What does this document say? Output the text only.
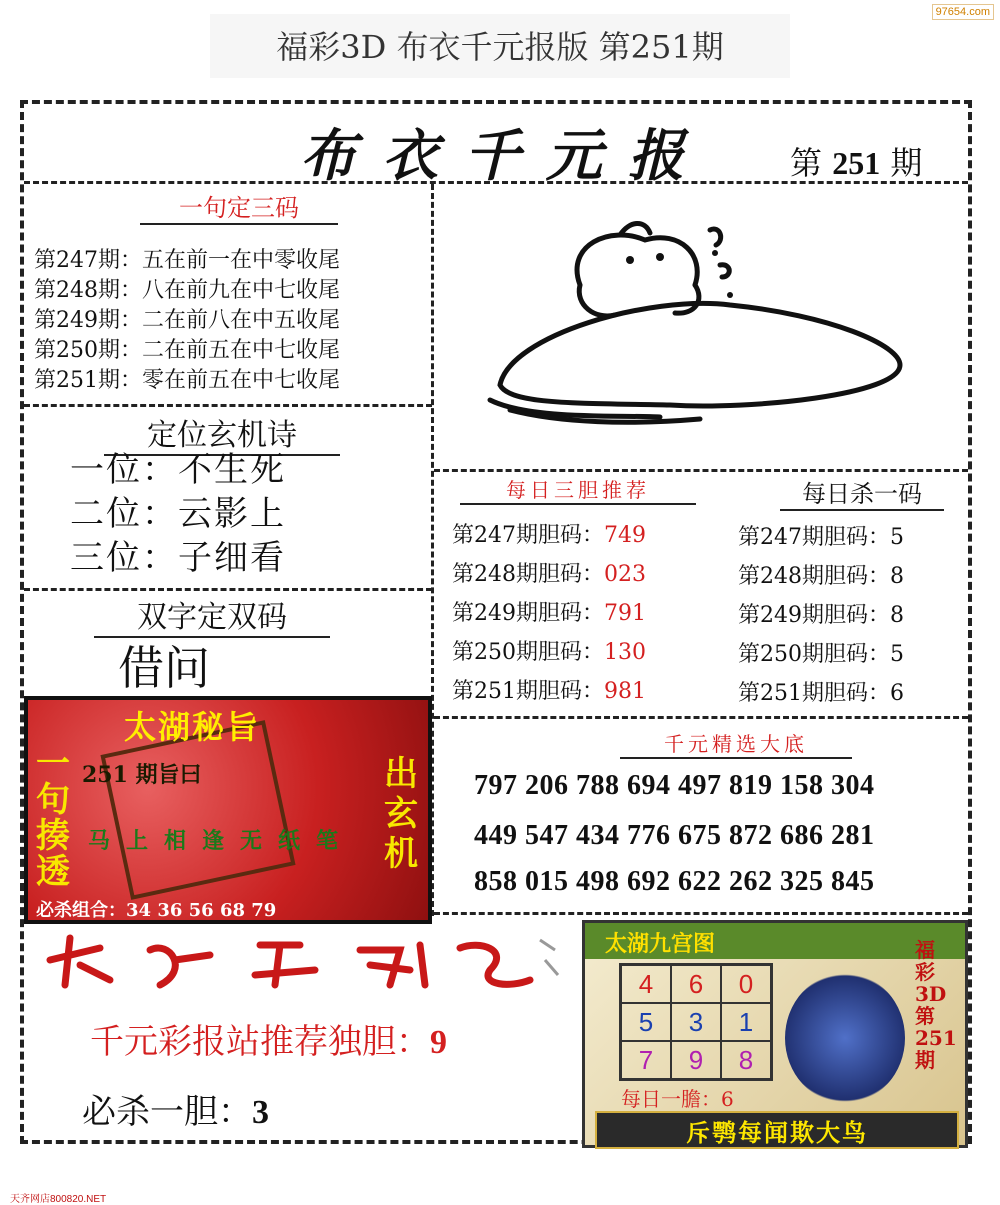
97654.com
福彩3D 布衣千元报版 第251期
布衣千元报	第 251 期
一句定三码
第247期：五在前一在中零收尾
第248期：八在前九在中七收尾
第249期：二在前八在中五收尾
第250期：二在前五在中七收尾
第251期：零在前五在中七收尾
定位玄机诗
一位：不生死
二位：云影上
三位：子细看
双字定双码
借问
每日三胆推荐
第247期胆码：749
第248期胆码：023
第249期胆码：791
第250期胆码：130
第251期胆码：981
每日杀一码
第247期胆码：5
第248期胆码：8
第249期胆码：8
第250期胆码：5
第251期胆码：6
千元精选大底
797 206 788 694 497 819 158 304
449 547 434 776 675 872 686 281
858 015 498 692 622 262 325 845
太湖秘旨
251 期旨曰
一句揍透
出玄机
马上相逢无纸笔
必杀组合：34 36 56 68 79
千元彩报站推荐独胆：9
必杀一胆：3
太湖九宫图
4	6	0
5	3	1
7	9	8
每日一膽：6
福彩3D第251期
斥鹗每闻欺大鸟
天齐网店800820.NET
